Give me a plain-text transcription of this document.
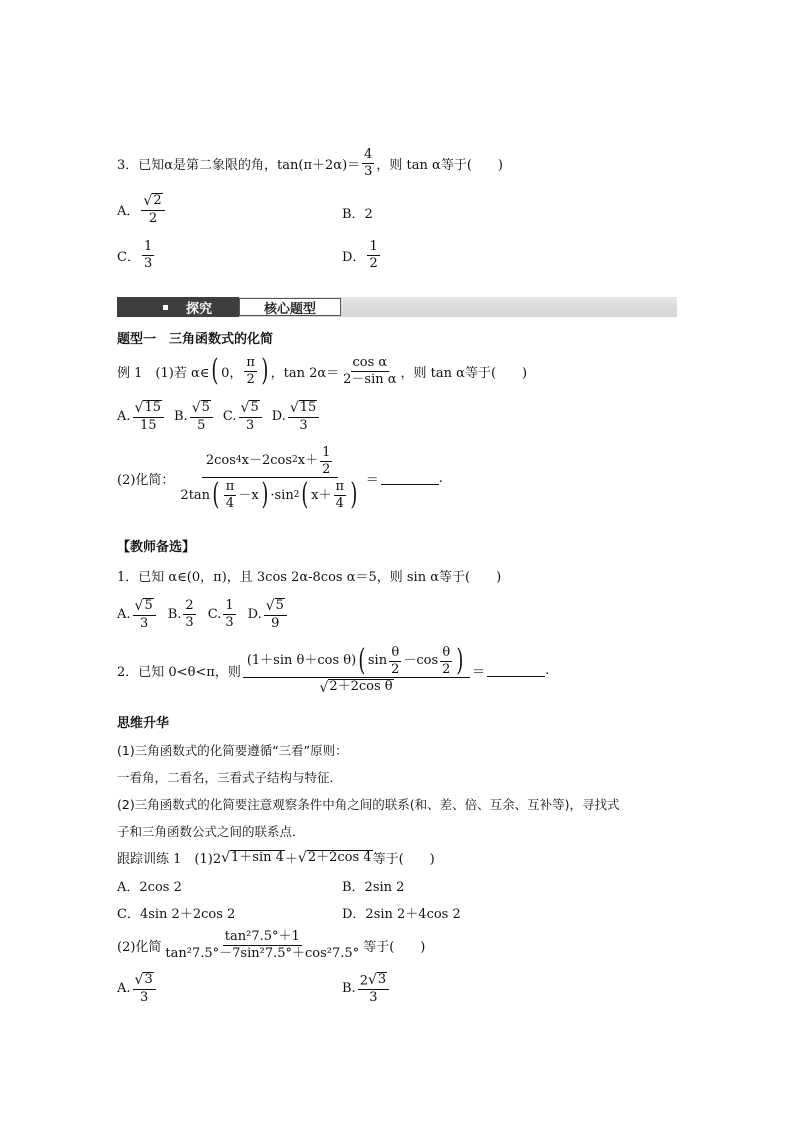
3．已知α是第二象限的角，$\tan(\pi+2\alpha)= \frac{4}{3}$ ，则 tan α等于(　　)
A． $\frac{√ 2}{2}$	B．2
C． $\frac{1}{3}$	D． $\frac{1}{2}$
探究	核心题型
题型一　三角函数式的化简
例 1　(1)若 α∈ ( 0， $\frac{\pi}{2}$ ) ，$\tan 2\alpha= \frac{\text{cos α}}{\text{2－sin α}}$ ，则 tan α等于(　　)
A. $\frac{√ 15}{15} B$. $\frac{√ 5}{5} C$. $\frac{√ 5}{3} D$. $\frac{√ 15}{3}$
(2)化简：
2cos 4 x－2cos 2 $x+ \frac{1}{2}$
2tan ( $\frac{\pi}{4} -x$ ) ·sin 2 ( $x+ \frac{\pi}{4}$ ) ＝	.
【教师备选】
1．已知 α∈(0，π)，且 3cos 2α-8cos α＝5，则 sin α等于(　　)
A. $\frac{√ 5}{3} B$. $\frac{2}{3} C$. $\frac{1}{3} D$. $\frac{√ 5}{9}$
2．已知 0<θ<π，则
(1＋sin θ＋cos θ) ( $\sin \frac{\theta}{2} -\cos \frac{\theta}{2}$ )
√ 2＋2cos θ
＝	.
思维升华
(1)三角函数式的化简要遵循“三看”原则：
一看角，二看名，三看式子结构与特征．
(2)三角函数式的化简要注意观察条件中角之间的联系(和、差、倍、互余、互补等)，寻找式
子和三角函数公式之间的联系点．
跟踪训练 1　(1)2 √ 1＋sin 4 ＋ √ 2＋2cos 4 等于(　　)
A．2cos 2	B．2sin 2
C．4sin 2＋2cos 2	D．2sin 2＋4cos 2
(2)化简 $\frac{\text{tan²7.5°＋1}}{\text{tan²7.5°－7sin²7.5°＋cos²7.5°}}$ 等于(　　)
A. $\frac{√ 3}{3}$	B. $\frac{2 √ 3}{3}$
